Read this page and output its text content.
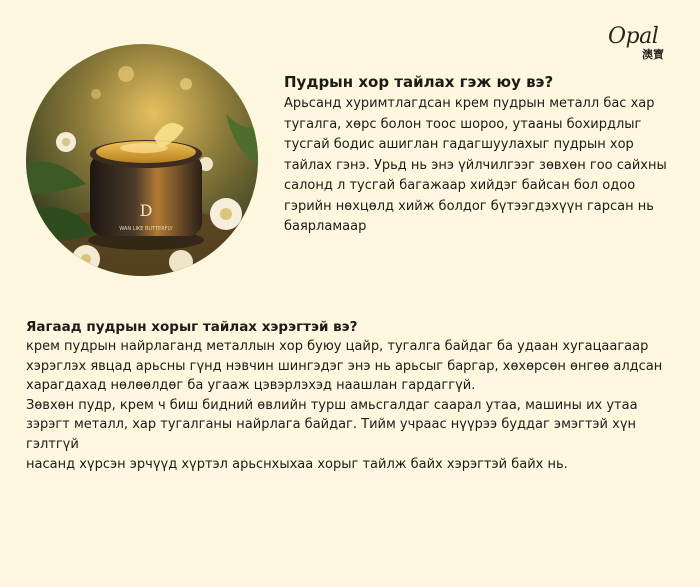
Opal
澳寶
D
WAN LIKE BUTTERFLY
Пудрын хор тайлах гэж юу вэ?
Арьсанд хуримтлагдсан крем пудрын металл бас хар
тугалга, хөрс болон тоос шороо, утааны бохирдлыг
тусгай бодис ашиглан гадагшуулахыг пудрын хор
тайлах гэнэ. Урьд нь энэ үйлчилгээг зөвхөн гоо сайхны
салонд л тусгай багажаар хийдэг байсан бол одоо
гэрийн нөхцөлд хийж болдог бүтээгдэхүүн гарсан нь
баярламаар
Яагаад пудрын хорыг тайлах хэрэгтэй вэ?
крем пудрын найрлаганд металлын хор буюу цайр, тугалга байдаг ба удаан хугацаагаар
хэрэглэх явцад арьсны гүнд нэвчин шингэдэг энэ нь арьсыг баргар, хөхөрсөн өнгөө алдсан
харагдахад нөлөөлдөг ба угааж цэвэрлэхэд наашлан гардаггүй.
Зөвхөн пудр, крем ч биш бидний өвлийн турш амьсгалдаг саарал утаа, машины их утаа
зэрэгт металл, хар тугалганы найрлага байдаг. Тийм учраас нүүрээ буддаг эмэгтэй хүн гэлтгүй
насанд хүрсэн эрчүүд хүртэл арьснхыхаа хорыг тайлж байх хэрэгтэй байх нь.
